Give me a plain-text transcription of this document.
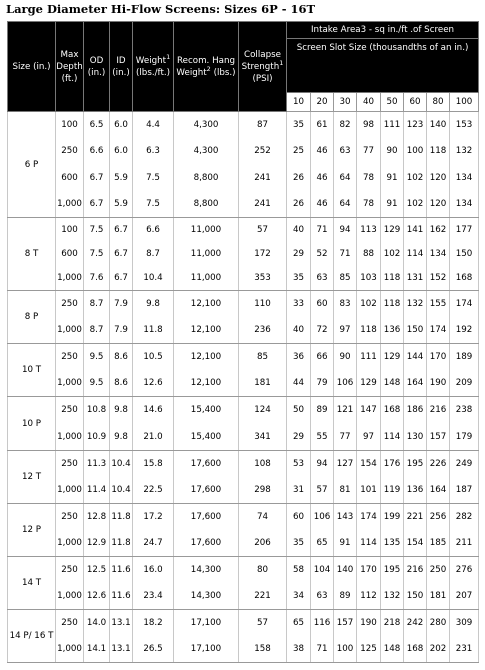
Large Diameter Hi-Flow Screens: Sizes 6P - 16T
Size (in.)	Max Depth (ft.)	OD (in.)	ID (in.)	Weight$^1$ (lbs./ft.)	Recom. Hang Weight$^2$ (lbs.)	Collapse Strength$^1$ (PSI)	Intake Area3 - sq in./ft .of Screen							
							Screen Slot Size (thousandths of an in.)							
							10	20	30	40	50	60	80	100
6 P	100	6.5	6.0	4.4	4,300	87	35	61	82	98	111	123	140	153
	250	6.6	6.0	6.3	4,300	252	25	46	63	77	90	100	118	132
	600	6.7	5.9	7.5	8,800	241	26	46	64	78	91	102	120	134
	1,000	6.7	5.9	7.5	8,800	241	26	46	64	78	91	102	120	134
8 T	100	7.5	6.7	6.6	11,000	57	40	71	94	113	129	141	162	177
	600	7.5	6.7	8.7	11,000	172	29	52	71	88	102	114	134	150
	1,000	7.6	6.7	10.4	11,000	353	35	63	85	103	118	131	152	168
8 P	250	8.7	7.9	9.8	12,100	110	33	60	83	102	118	132	155	174
	1,000	8.7	7.9	11.8	12,100	236	40	72	97	118	136	150	174	192
10 T	250	9.5	8.6	10.5	12,100	85	36	66	90	111	129	144	170	189
	1,000	9.5	8.6	12.6	12,100	181	44	79	106	129	148	164	190	209
10 P	250	10.8	9.8	14.6	15,400	124	50	89	121	147	168	186	216	238
	1,000	10.9	9.8	21.0	15,400	341	29	55	77	97	114	130	157	179
12 T	250	11.3	10.4	15.8	17,600	108	53	94	127	154	176	195	226	249
	1,000	11.4	10.4	22.5	17,600	298	31	57	81	101	119	136	164	187
12 P	250	12.8	11.8	17.2	17,600	74	60	106	143	174	199	221	256	282
	1,000	12.9	11.8	24.7	17,600	206	35	65	91	114	135	154	185	211
14 T	250	12.5	11.6	16.0	14,300	80	58	104	140	170	195	216	250	276
	1,000	12.6	11.6	23.4	14,300	221	34	63	89	112	132	150	181	207
14 P/ 16 T	250	14.0	13.1	18.2	17,100	57	65	116	157	190	218	242	280	309
	1,000	14.1	13.1	26.5	17,100	158	38	71	100	125	148	168	202	231
